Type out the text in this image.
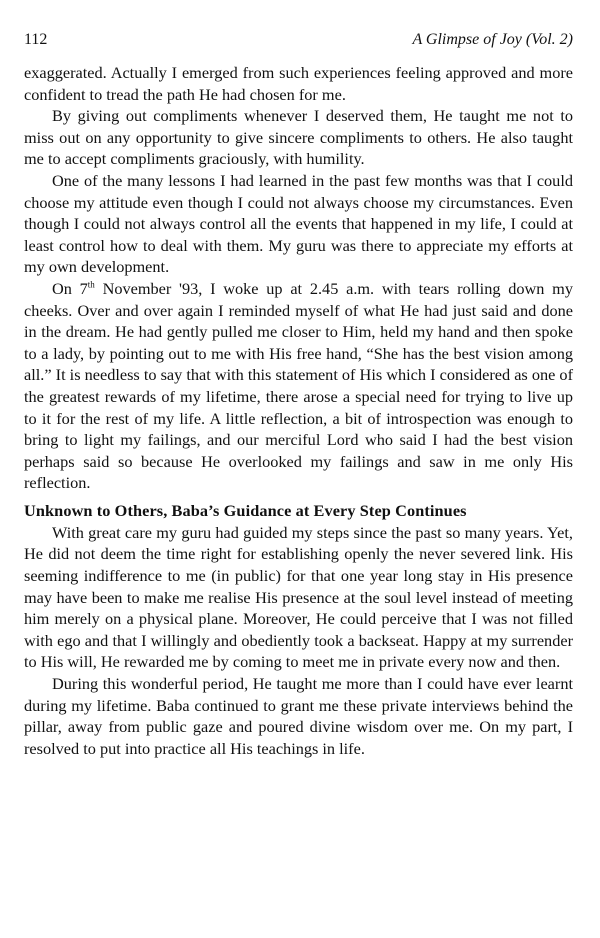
112	A Glimpse of Joy (Vol. 2)

exaggerated. Actually I emerged from such experiences feeling approved and more confident to tread the path He had chosen for me.

By giving out compliments whenever I deserved them, He taught me not to miss out on any opportunity to give sincere compliments to others. He also taught me to accept compliments graciously, with humility.

One of the many lessons I had learned in the past few months was that I could choose my attitude even though I could not always choose my circumstances. Even though I could not always control all the events that happened in my life, I could at least control how to deal with them. My guru was there to appreciate my efforts at my own development.

On 7th November '93, I woke up at 2.45 a.m. with tears rolling down my cheeks. Over and over again I reminded myself of what He had just said and done in the dream. He had gently pulled me closer to Him, held my hand and then spoke to a lady, by pointing out to me with His free hand, “She has the best vision among all.” It is needless to say that with this statement of His which I considered as one of the greatest rewards of my lifetime, there arose a special need for trying to live up to it for the rest of my life. A little reflection, a bit of introspection was enough to bring to light my failings, and our merciful Lord who said I had the best vision perhaps said so because He overlooked my failings and saw in me only His reflection.

Unknown to Others, Baba’s Guidance at Every Step Continues

With great care my guru had guided my steps since the past so many years. Yet, He did not deem the time right for establishing openly the never severed link. His seeming indifference to me (in public) for that one year long stay in His presence may have been to make me realise His presence at the soul level instead of meeting him merely on a physical plane. Moreover, He could perceive that I was not filled with ego and that I willingly and obediently took a backseat. Happy at my surrender to His will, He rewarded me by coming to meet me in private every now and then.

During this wonderful period, He taught me more than I could have ever learnt during my lifetime. Baba continued to grant me these private interviews behind the pillar, away from public gaze and poured divine wisdom over me. On my part, I resolved to put into practice all His teachings in life.
